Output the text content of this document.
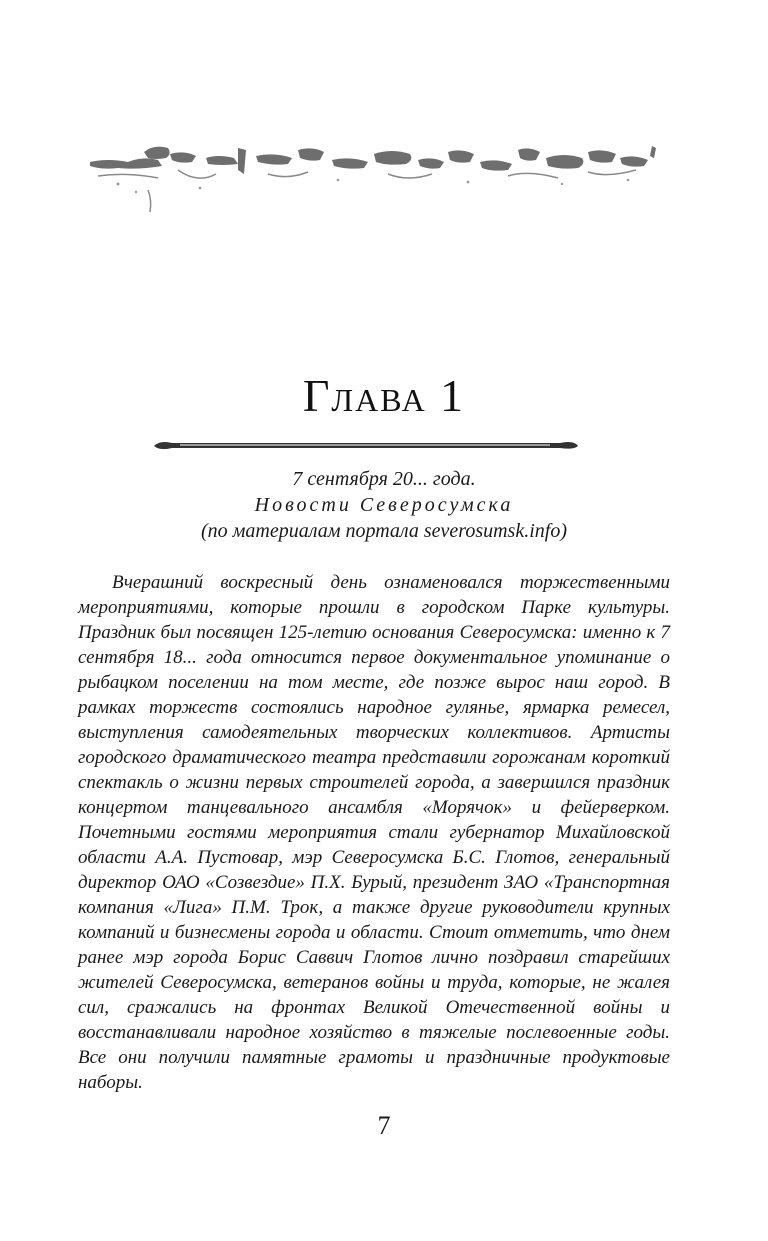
Глава 1
7 сентября 20... года.
Новости Северосумска
(по материалам портала severosumsk.info)
Вчерашний воскресный день ознаменовался торжественными мероприятиями, которые прошли в городском Парке культуры. Праздник был посвящен 125-летию основания Северосумска: именно к 7 сентября 18... года относится первое документальное упоминание о рыбацком поселении на том месте, где позже вырос наш город. В рамках торжеств состоялись народное гулянье, ярмарка ремесел, выступления самодеятельных творческих коллективов. Артисты городского драматического театра представили горожанам короткий спектакль о жизни первых строителей города, а завершился праздник концертом танцевального ансамбля «Морячок» и фейерверком. Почетными гостями мероприятия стали губернатор Михайловской области А.А. Пустовар, мэр Северосумска Б.С. Глотов, генеральный директор ОАО «Созвездие» П.Х. Бурый, президент ЗАО «Транспортная компания «Лига» П.М. Трок, а также другие руководители крупных компаний и бизнесмены города и области. Стоит отметить, что днем ранее мэр города Борис Саввич Глотов лично поздравил старейших жителей Северосумска, ветеранов войны и труда, которые, не жалея сил, сражались на фронтах Великой Отечественной войны и восстанавливали народное хозяйство в тяжелые послевоенные годы. Все они получили памятные грамоты и праздничные продуктовые наборы.
7
